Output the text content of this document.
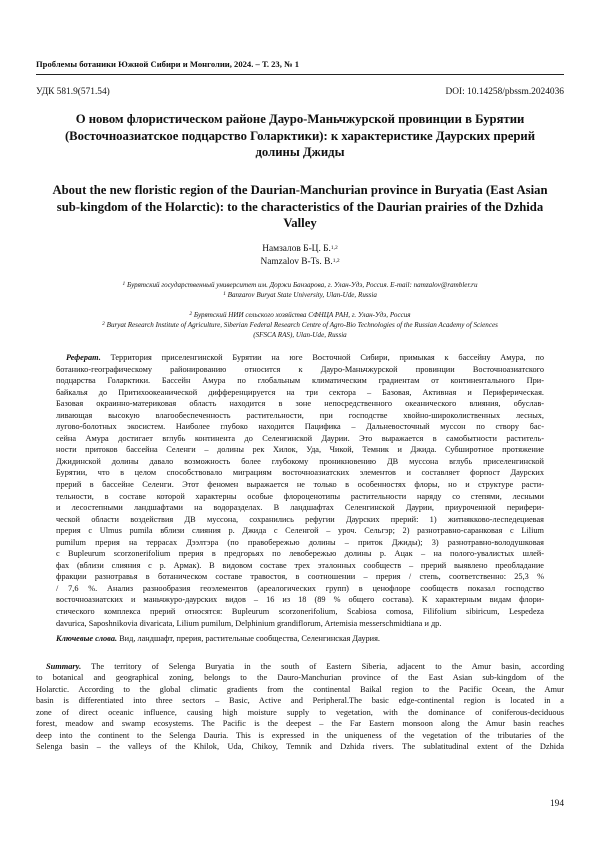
Проблемы ботаники Южной Сибири и Монголии, 2024. – Т. 23, № 1
УДК 581.9(571.54)	DOI: 10.14258/pbssm.2024036
О новом флористическом районе Дауро-Маньчжурской провинции в Бурятии (Восточноазиатское подцарство Голарктики): к характеристике Даурских прерий долины Джиды
About the new floristic region of the Daurian-Manchurian province in Buryatia (East Asian sub-kingdom of the Holarctic): to the characteristics of the Daurian prairies of the Dzhida Valley
Намзалов Б-Ц. Б.$^{1,2}$
Namzalov B-Ts. B.$^{1,2}$
$^1$ Бурятский государственный университет им. Доржи Банзарова, г. Улан-Удэ, Россия. E-mail: namzalov@rambler.ru
$^1$ Banzarov Buryat State University, Ulan-Ude, Russia
$^2$ Бурятский НИИ сельского хозяйства СФНЦА РАН, г. Улан-Удэ, Россия
$^2$ Buryat Research Institute of Agriculture, Siberian Federal Research Centre of Agro-Bio Technologies of the Russian Academy of Sciences
(SFSCA RAS), Ulan-Ude, Russia
Реферат. Территория приселенгинской Бурятии на юге Восточной Сибири, примыкая к бассейну Амура, по
ботанико-географическому районированию относится к Дауро-Маньчжурской провинции Восточноазиатского
подцарства Голарктики. Бассейн Амура по глобальным климатическим градиентам от континентального При-
байкалья до Притихоокеанической дифференцируется на три сектора – Базовая, Активная и Периферическая.
Базовая окраинно-материковая область находится в зоне непосредственного океанического влияния, обуслав-
ливающая высокую влагообеспеченность растительности, при господстве хвойно-широколиственных лесных,
лугово-болотных экосистем. Наиболее глубоко находится Пацифика – Дальневосточный муссон по створу бас-
сейна Амура достигает вглубь континента до Селенгинской Даурии. Это выражается в самобытности раститель-
ности притоков бассейна Селенги – долины рек Хилок, Уда, Чикой, Темник и Джида. Субширотное протяжение
Джидинской долины давало возможность более глубокому проникновению ДВ муссона вглубь приселенгинской
Бурятии, что в целом способствовало миграциям восточноазиатских элементов и составляет форпост Даурских
прерий в бассейне Селенги. Этот феномен выражается не только в особенностях флоры, но и структуре расти-
тельности, в составе которой характерны особые флороценотипы растительности наряду со степями, лесными
и лесостепными ландшафтами на водоразделах. В ландшафтах Селенгинской Даурии, приуроченной перифери-
ческой области воздействия ДВ муссона, сохранились рефугии Даурских прерий: 1) житнякково-леспедециевая
прерия с Ulmus pumila вблизи слияния р. Джида с Селенгой – уроч. Сельгэр; 2) разнотравно-саранковая с Lilium
pumilum прерия на террасах Дээлтэра (по правобережью долины – приток Джиды); 3) разнотравно-володушковая
с Bupleurum scorzonerifolium прерия в предгорьях по левобережью долины р. Ацак – на полого-увалистых шлей-
фах (вблизи слияния с р. Армак). В видовом составе трех эталонных сообществ – прерий выявлено преобладание
фракции разнотравья в ботаническом составе травостоя, в соотношении – прерия / степь, соответственно: 25,3 %
/ 7,6 %. Анализ разнообразия геоэлементов (ареалогических групп) в ценофлоре сообществ показал господство
восточноазиатских и маньчжуро-даурских видов – 16 из 18 (89 % общего состава). К характерным видам флори-
стического комплекса прерий относятся: Bupleurum scorzonerifolium, Scabiosa comosa, Filifolium sibiricum, Lespedeza
davurica, Saposhnikovia divaricata, Lilium pumilum, Delphinium grandiflorum, Artemisia messerschmidtiana и др.
Ключевые слова. Вид, ландшафт, прерия, растительные сообщества, Селенгинская Даурия.
Summary. The territory of Selenga Buryatia in the south of Eastern Siberia, adjacent to the Amur basin, according
to botanical and geographical zoning, belongs to the Dauro-Manchurian province of the East Asian sub-kingdom of the
Holarctic. According to the global climatic gradients from the continental Baikal region to the Pacific Ocean, the Amur
basin is differentiated into three sectors – Basic, Active and Peripheral.The basic edge-continental region is located in a
zone of direct oceanic influence, causing high moisture supply to vegetation, with the dominance of coniferous-deciduous
forest, meadow and swamp ecosystems. The Pacific is the deepest – the Far Eastern monsoon along the Amur basin reaches
deep into the continent to the Selenga Dauria. This is expressed in the uniqueness of the vegetation of the tributaries of the
Selenga basin – the valleys of the Khilok, Uda, Chikoy, Temnik and Dzhida rivers. The sublatitudinal extent of the Dzhida
194
